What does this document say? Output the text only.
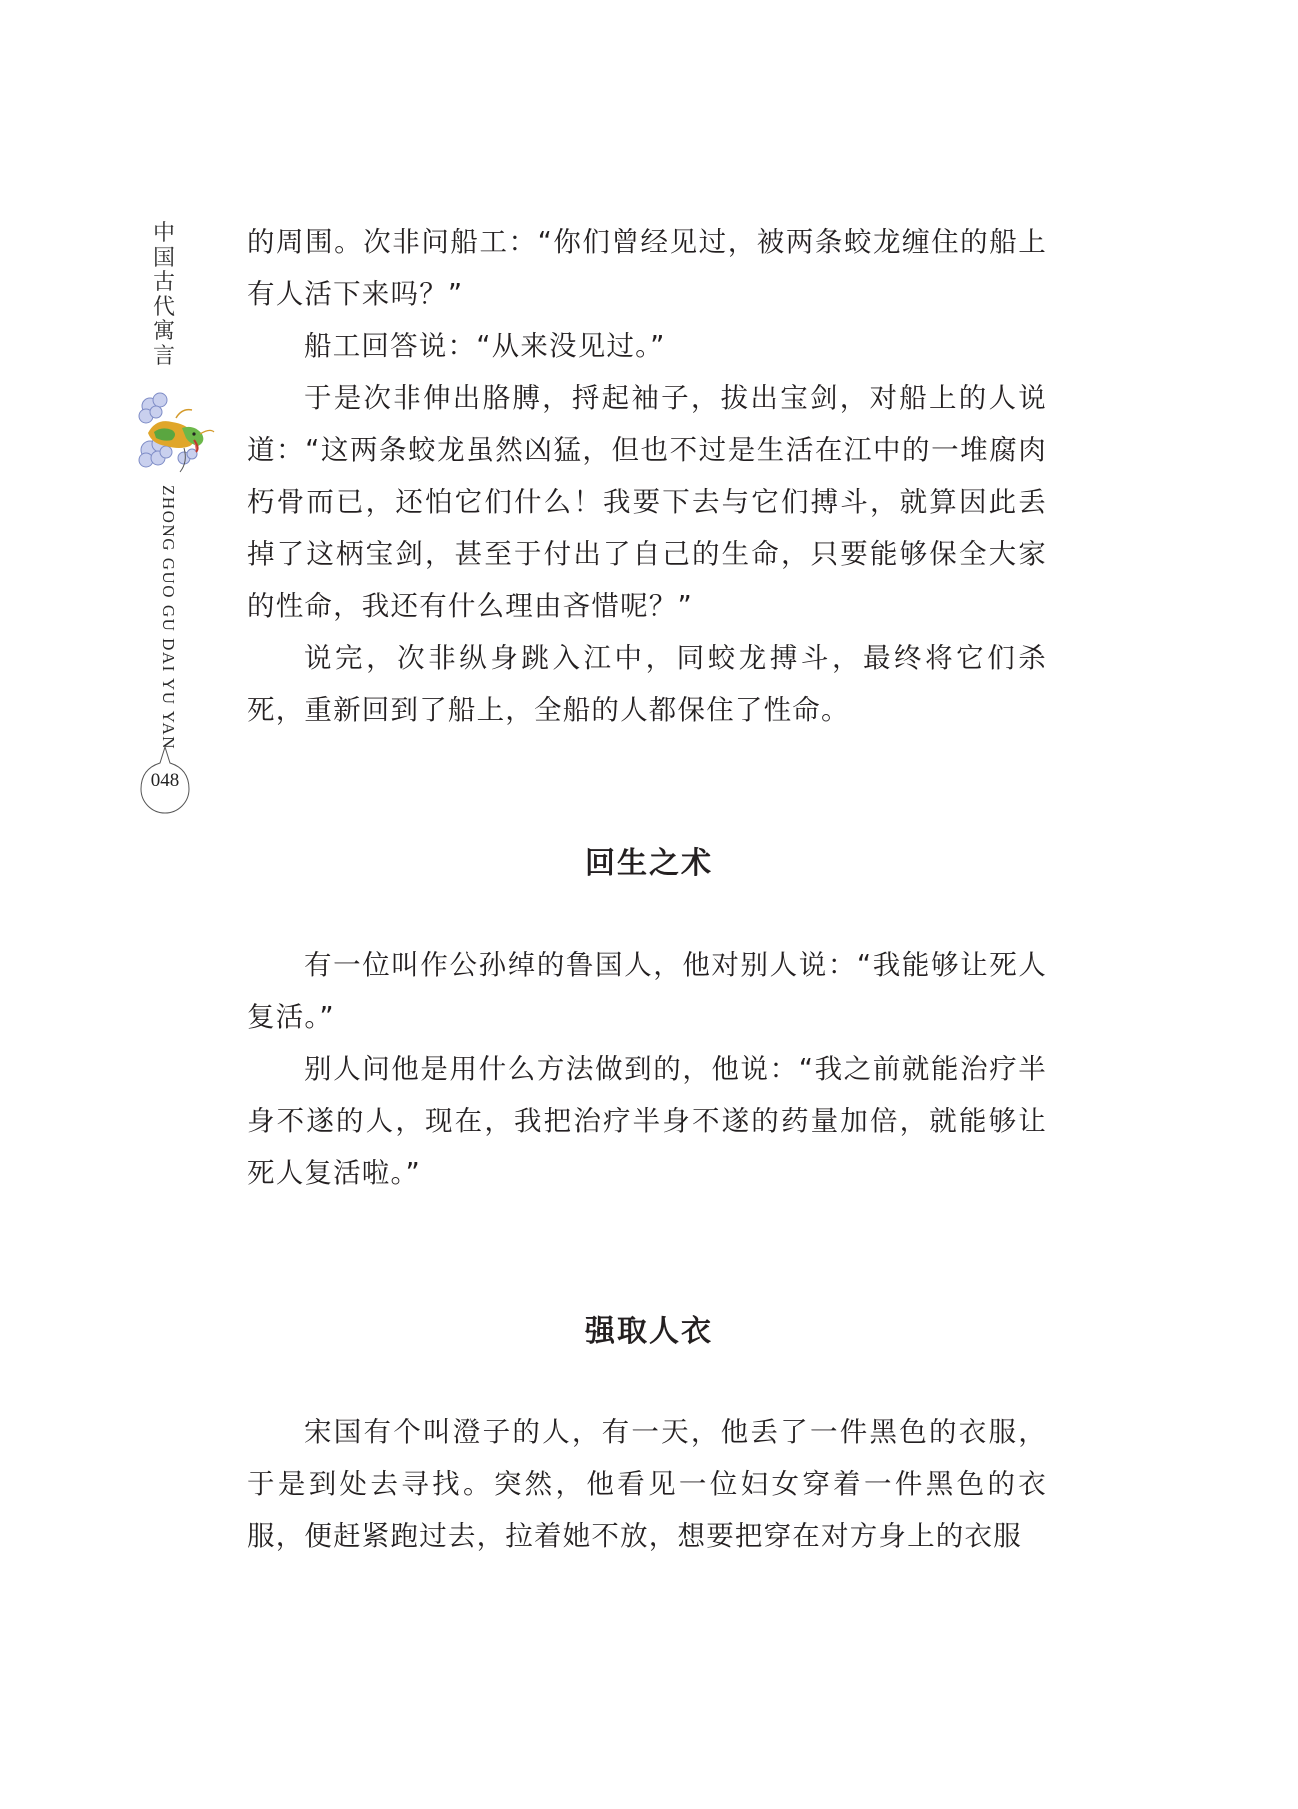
中
国
古
代
寓
言
ZHONG GUO GU DAI YU YAN
048

的周围。次非问船工：“你们曾经见过，被两条蛟龙缠住的船上有人活下来吗？”

船工回答说：“从来没见过。”

于是次非伸出胳膊，捋起袖子，拔出宝剑，对船上的人说道：“这两条蛟龙虽然凶猛，但也不过是生活在江中的一堆腐肉朽骨而已，还怕它们什么！我要下去与它们搏斗，就算因此丢掉了这柄宝剑，甚至于付出了自己的生命，只要能够保全大家的性命，我还有什么理由吝惜呢？”

说完，次非纵身跳入江中，同蛟龙搏斗，最终将它们杀死，重新回到了船上，全船的人都保住了性命。

回生之术

有一位叫作公孙绰的鲁国人，他对别人说：“我能够让死人复活。”

别人问他是用什么方法做到的，他说：“我之前就能治疗半身不遂的人，现在，我把治疗半身不遂的药量加倍，就能够让死人复活啦。”

强取人衣

宋国有个叫澄子的人，有一天，他丢了一件黑色的衣服，于是到处去寻找。突然，他看见一位妇女穿着一件黑色的衣服，便赶紧跑过去，拉着她不放，想要把穿在对方身上的衣服
